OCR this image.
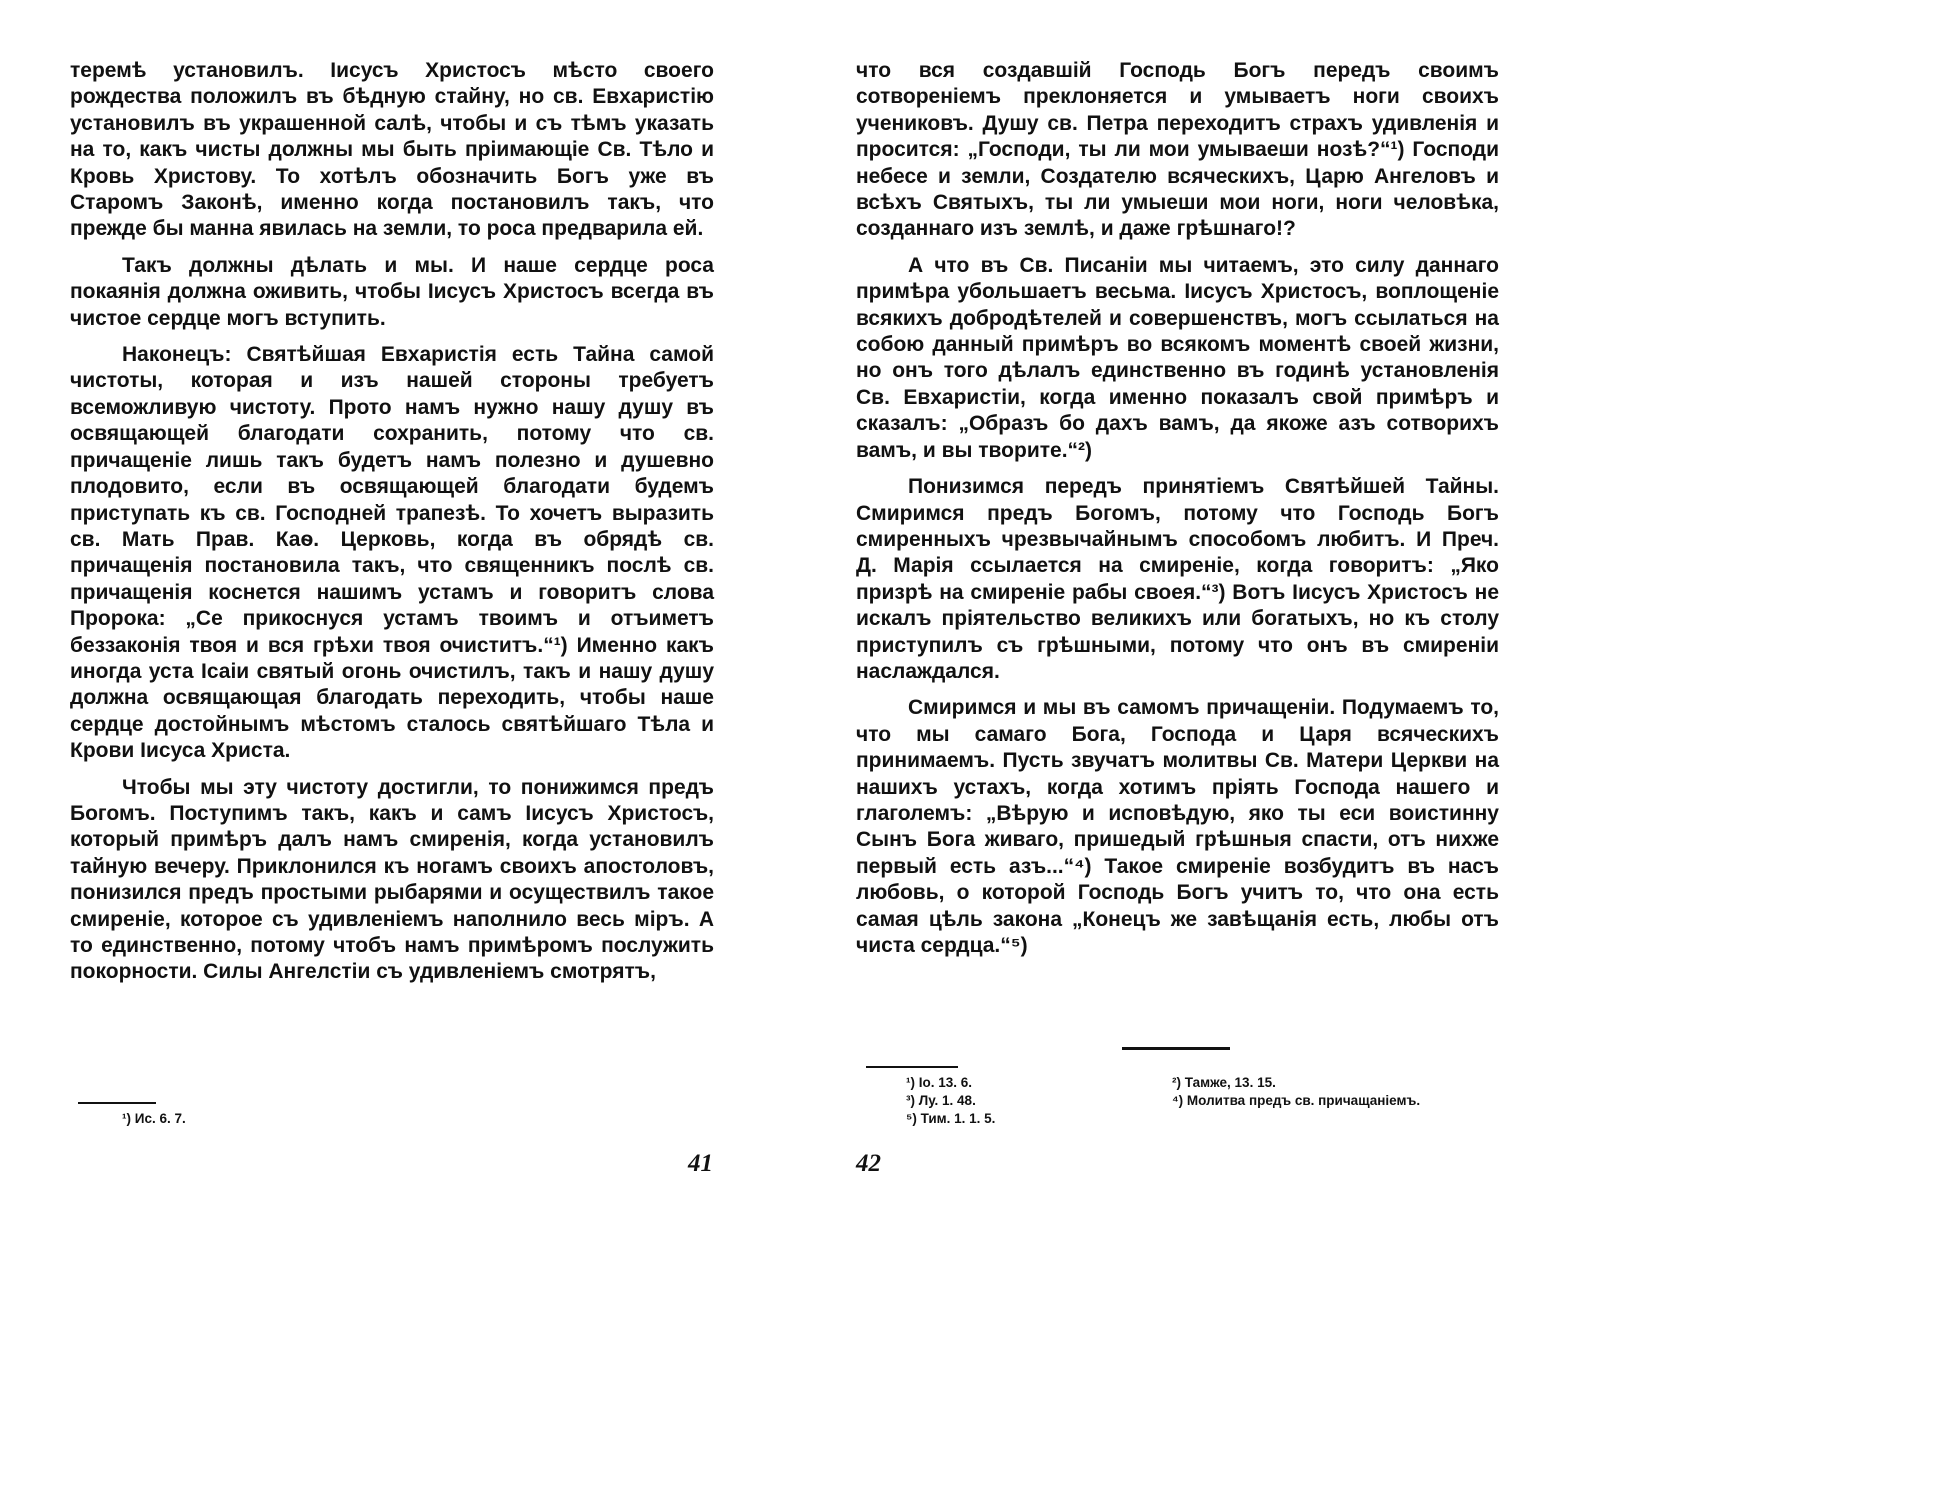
теремѣ установилъ. Іисусъ Христосъ мѣсто своего рождества положилъ въ бѣдную стайну, но св. Евхаристію установилъ въ украшенной салѣ, чтобы и съ тѣмъ указать на то, какъ чисты должны мы быть пріимающіе Св. Тѣло и Кровь Христову. То хотѣлъ обозначить Богъ уже въ Старомъ Законѣ, именно когда постановилъ такъ, что прежде бы манна явилась на земли, то роса предварила ей.

Такъ должны дѣлать и мы. И наше сердце роса покаянія должна оживить, чтобы Іисусъ Христосъ всегда въ чистое сердце могъ вступить.

Наконецъ: Святѣйшая Евхаристія есть Тайна самой чистоты, которая и изъ нашей стороны требуетъ всеможливую чистоту. Прото намъ нужно нашу душу въ освящающей благодати сохранить, потому что св. причащеніе лишь такъ будетъ намъ полезно и душевно плодовито, если въ освящающей благодати будемъ приступать къ св. Господней трапезѣ. То хочетъ выразить св. Мать Прав. Каѳ. Церковь, когда въ обрядѣ св. причащенія постановила такъ, что священникъ послѣ св. причащенія коснется нашимъ устамъ и говоритъ слова Пророка: „Се прикоснуся устамъ твоимъ и отъиметъ беззаконія твоя и вся грѣхи твоя очиститъ.“¹) Именно какъ иногда уста Ісаіи святый огонь очистилъ, такъ и нашу душу должна освящающая благодать переходить, чтобы наше сердце достойнымъ мѣстомъ сталось святѣйшаго Тѣла и Крови Іисуса Христа.

Чтобы мы эту чистоту достигли, то понижимся предъ Богомъ. Поступимъ такъ, какъ и самъ Іисусъ Христосъ, который примѣръ далъ намъ смиренія, когда установилъ тайную вечеру. Приклонился къ ногамъ своихъ апостоловъ, понизился предъ простыми рыбарями и осуществилъ такое смиреніе, которое съ удивленіемъ наполнило весь міръ. А то единственно, потому чтобъ намъ примѣромъ послужить покорности. Силы Ангелстіи съ удивленіемъ смотрятъ,

¹) Ис. 6. 7.
41

что вся создавшій Господь Богъ передъ своимъ сотвореніемъ преклоняется и умываетъ ноги своихъ учениковъ. Душу св. Петра переходитъ страхъ удивленія и просится: „Господи, ты ли мои умываеши нозѣ?“¹) Господи небесе и земли, Создателю всяческихъ, Царю Ангеловъ и всѣхъ Святыхъ, ты ли умыеши мои ноги, ноги человѣка, созданнаго изъ землѣ, и даже грѣшнаго!?

А что въ Св. Писаніи мы читаемъ, это силу даннаго примѣра убольшаетъ весьма. Іисусъ Христосъ, воплощеніе всякихъ добродѣтелей и совершенствъ, могъ ссылаться на собою данный примѣръ во всякомъ моментѣ своей жизни, но онъ того дѣлалъ единственно въ годинѣ установленія Св. Евхаристіи, когда именно показалъ свой примѣръ и сказалъ: „Образъ бо дахъ вамъ, да якоже азъ сотворихъ вамъ, и вы творите.“²)

Понизимся передъ принятіемъ Святѣйшей Тайны. Смиримся предъ Богомъ, потому что Господь Богъ смиренныхъ чрезвычайнымъ способомъ любитъ. И Преч. Д. Марія ссылается на смиреніе, когда говоритъ: „Яко призрѣ на смиреніе рабы своея.“³) Вотъ Іисусъ Христосъ не искалъ пріятельство великихъ или богатыхъ, но къ столу приступилъ съ грѣшными, потому что онъ въ смиреніи наслаждался.

Смиримся и мы въ самомъ причащеніи. Подумаемъ то, что мы самаго Бога, Господа и Царя всяческихъ принимаемъ. Пусть звучатъ молитвы Св. Матери Церкви на нашихъ устахъ, когда хотимъ пріять Господа нашего и глаголемъ: „Вѣрую и исповѣдую, яко ты еси воистинну Сынъ Бога живаго, пришедый грѣшныя спасти, отъ нихже первый есть азъ...“⁴) Такое смиреніе возбудитъ въ насъ любовь, о которой Господь Богъ учитъ то, что она есть самая цѣль закона „Конецъ же завѣщанія есть, любы отъ чиста сердца.“⁵)

¹) Іо. 13. 6.	²) Тамже, 13. 15.
³) Лу. 1. 48.	⁴) Молитва предъ св. причащаніемъ.
⁵) Тим. 1. 1. 5.
42
